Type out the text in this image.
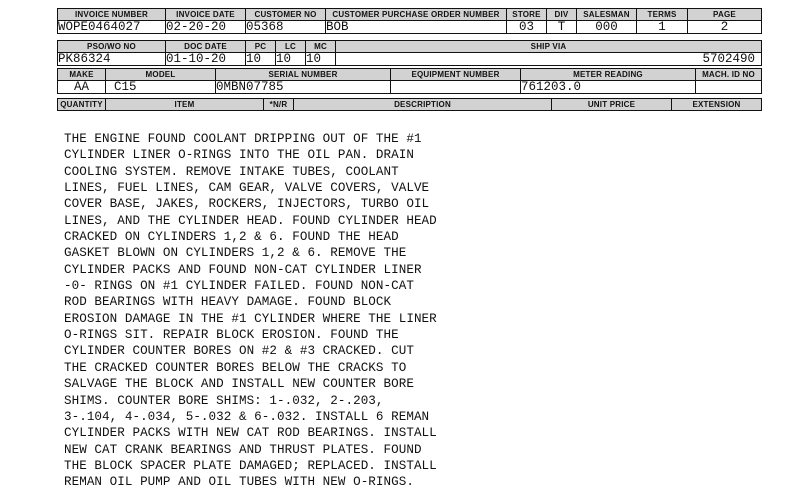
INVOICE NUMBER	INVOICE DATE	CUSTOMER NO	CUSTOMER PURCHASE ORDER NUMBER	STORE	DIV	SALESMAN	TERMS	PAGE
WOPE0464027	02-20-20	05368	BOB	03	T	000	1	2
PSO/WO NO	DOC DATE	PC	LC	MC	SHIP VIA
PK86324	01-10-20	10	10	10	5702490
MAKE	MODEL	SERIAL NUMBER	EQUIPMENT NUMBER	METER READING	MACH. ID NO
AA	C15	0MBN07785		761203.0	
QUANTITY	ITEM	*N/R	DESCRIPTION	UNIT PRICE	EXTENSION
THE ENGINE FOUND COOLANT DRIPPING OUT OF THE #1
CYLINDER LINER O-RINGS INTO THE OIL PAN. DRAIN
COOLING SYSTEM. REMOVE INTAKE TUBES, COOLANT
LINES, FUEL LINES, CAM GEAR, VALVE COVERS, VALVE
COVER BASE, JAKES, ROCKERS, INJECTORS, TURBO OIL
LINES, AND THE CYLINDER HEAD. FOUND CYLINDER HEAD
CRACKED ON CYLINDERS 1,2 & 6. FOUND THE HEAD
GASKET BLOWN ON CYLINDERS 1,2 & 6. REMOVE THE
CYLINDER PACKS AND FOUND NON-CAT CYLINDER LINER
-0- RINGS ON #1 CYLINDER FAILED. FOUND NON-CAT
ROD BEARINGS WITH HEAVY DAMAGE. FOUND BLOCK
EROSION DAMAGE IN THE #1 CYLINDER WHERE THE LINER
O-RINGS SIT. REPAIR BLOCK EROSION. FOUND THE
CYLINDER COUNTER BORES ON #2 & #3 CRACKED. CUT
THE CRACKED COUNTER BORES BELOW THE CRACKS TO
SALVAGE THE BLOCK AND INSTALL NEW COUNTER BORE
SHIMS. COUNTER BORE SHIMS: 1-.032, 2-.203,
3-.104, 4-.034, 5-.032 & 6-.032. INSTALL 6 REMAN
CYLINDER PACKS WITH NEW CAT ROD BEARINGS. INSTALL
NEW CAT CRANK BEARINGS AND THRUST PLATES. FOUND
THE BLOCK SPACER PLATE DAMAGED; REPLACED. INSTALL
REMAN OIL PUMP AND OIL TUBES WITH NEW O-RINGS.
